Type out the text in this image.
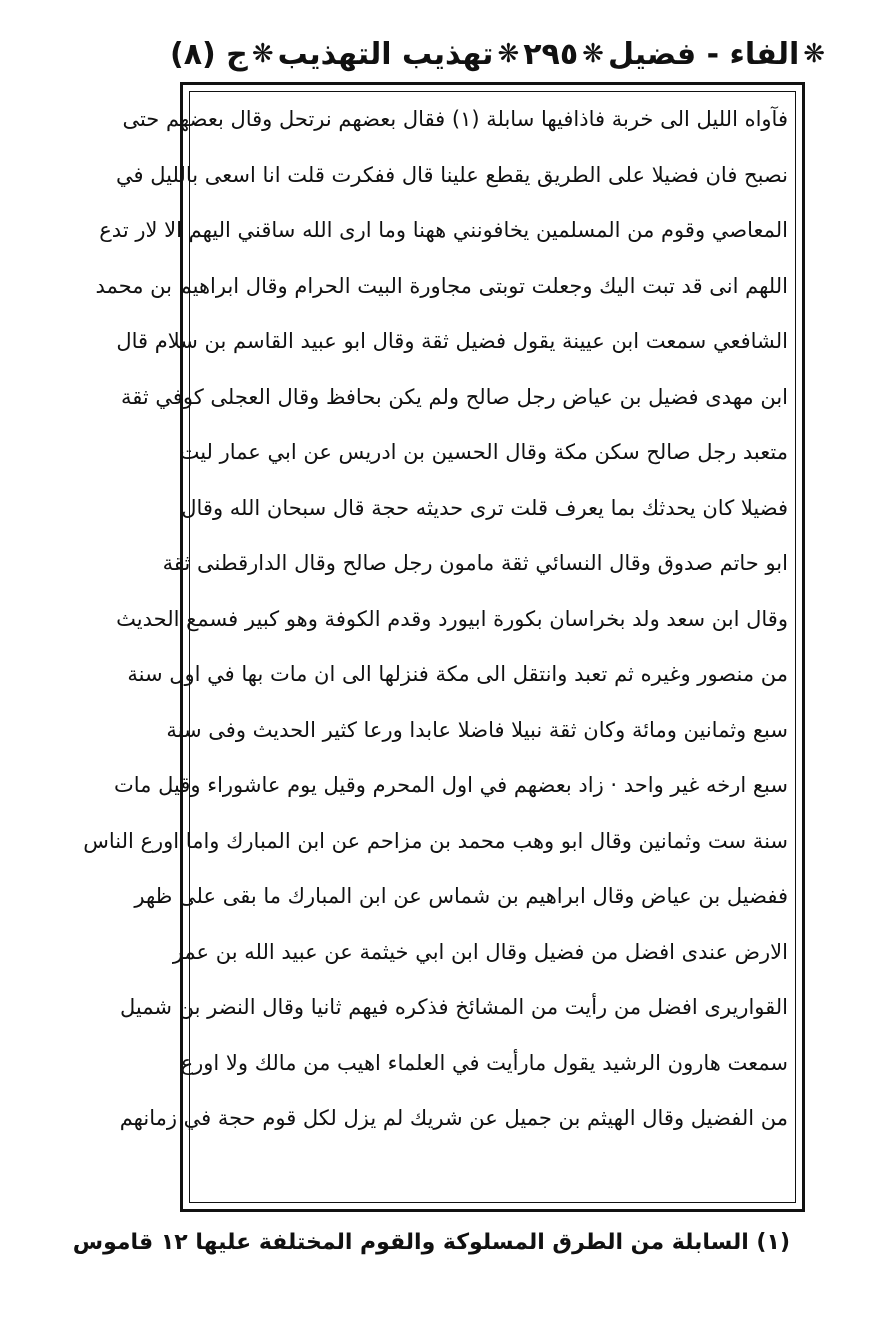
ج (٨) ❋ تهذيب التهذيب ❋ ٢٩٥ ❋ الفاء - فضيل ❋
فآواه الليل الى خربة فاذافيها سابلة (١) فقال بعضهم نرتحل وقال بعضهم حتى
نصبح فان فضيلا على الطريق يقطع علينا قال ففكرت قلت انا اسعى بالليل في
المعاصي وقوم من المسلمين يخافونني ههنا وما ارى الله ساقني اليهم الا لار تدع
اللهم انى قد تبت اليك وجعلت توبتى مجاورة البيت الحرام وقال ابراهيم بن محمد
الشافعي سمعت ابن عيينة يقول فضيل ثقة وقال ابو عبيد القاسم بن سلام قال
ابن مهدى فضيل بن عياض رجل صالح ولم يكن بحافظ وقال العجلى كوفي ثقة
متعبد رجل صالح سكن مكة وقال الحسين بن ادريس عن ابي عمار ليت
فضيلا كان يحدثك بما يعرف قلت ترى حديثه حجة قال سبحان الله وقال
ابو حاتم صدوق وقال النسائي ثقة مامون رجل صالح وقال الدارقطنى ثقة
وقال ابن سعد ولد بخراسان بكورة ابيورد وقدم الكوفة وهو كبير فسمع الحديث
من منصور وغيره ثم تعبد وانتقل الى مكة فنزلها الى ان مات بها في اول سنة
سبع وثمانين ومائة وكان ثقة نبيلا فاضلا عابدا ورعا كثير الحديث وفى سنة
سبع ارخه غير واحد · زاد بعضهم في اول المحرم وقيل يوم عاشوراء وقيل مات
سنة ست وثمانين وقال ابو وهب محمد بن مزاحم عن ابن المبارك واما اورع الناس
ففضيل بن عياض وقال ابراهيم بن شماس عن ابن المبارك ما بقى على ظهر
الارض عندى افضل من فضيل وقال ابن ابي خيثمة عن عبيد الله بن عمر
القواريرى افضل من رأيت من المشائخ فذكره فيهم ثانيا وقال النضر بن شميل
سمعت هارون الرشيد يقول مارأيت في العلماء اهيب من مالك ولا اورع
من الفضيل وقال الهيثم بن جميل عن شريك لم يزل لكل قوم حجة في زمانهم
(١) السابلة من الطرق المسلوكة والقوم المختلفة عليها ١٢ قاموس
